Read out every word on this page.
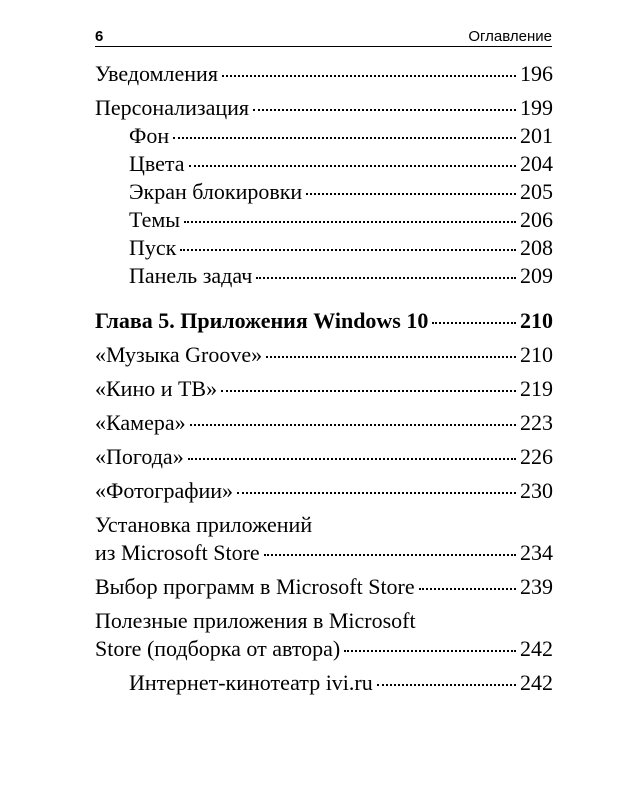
6	Оглавление
Уведомления	196
Персонализация	199
Фон	201
Цвета	204
Экран блокировки	205
Темы	206
Пуск	208
Панель задач	209
Глава 5. Приложения Windows 10	210
«Музыка Groove»	210
«Кино и ТВ»	219
«Камера»	223
«Погода»	226
«Фотографии»	230
Установка приложений
из Microsoft Store	234
Выбор программ в Microsoft Store	239
Полезные приложения в Microsoft
Store (подборка от автора)	242
Интернет-кинотеатр ivi.ru	242
